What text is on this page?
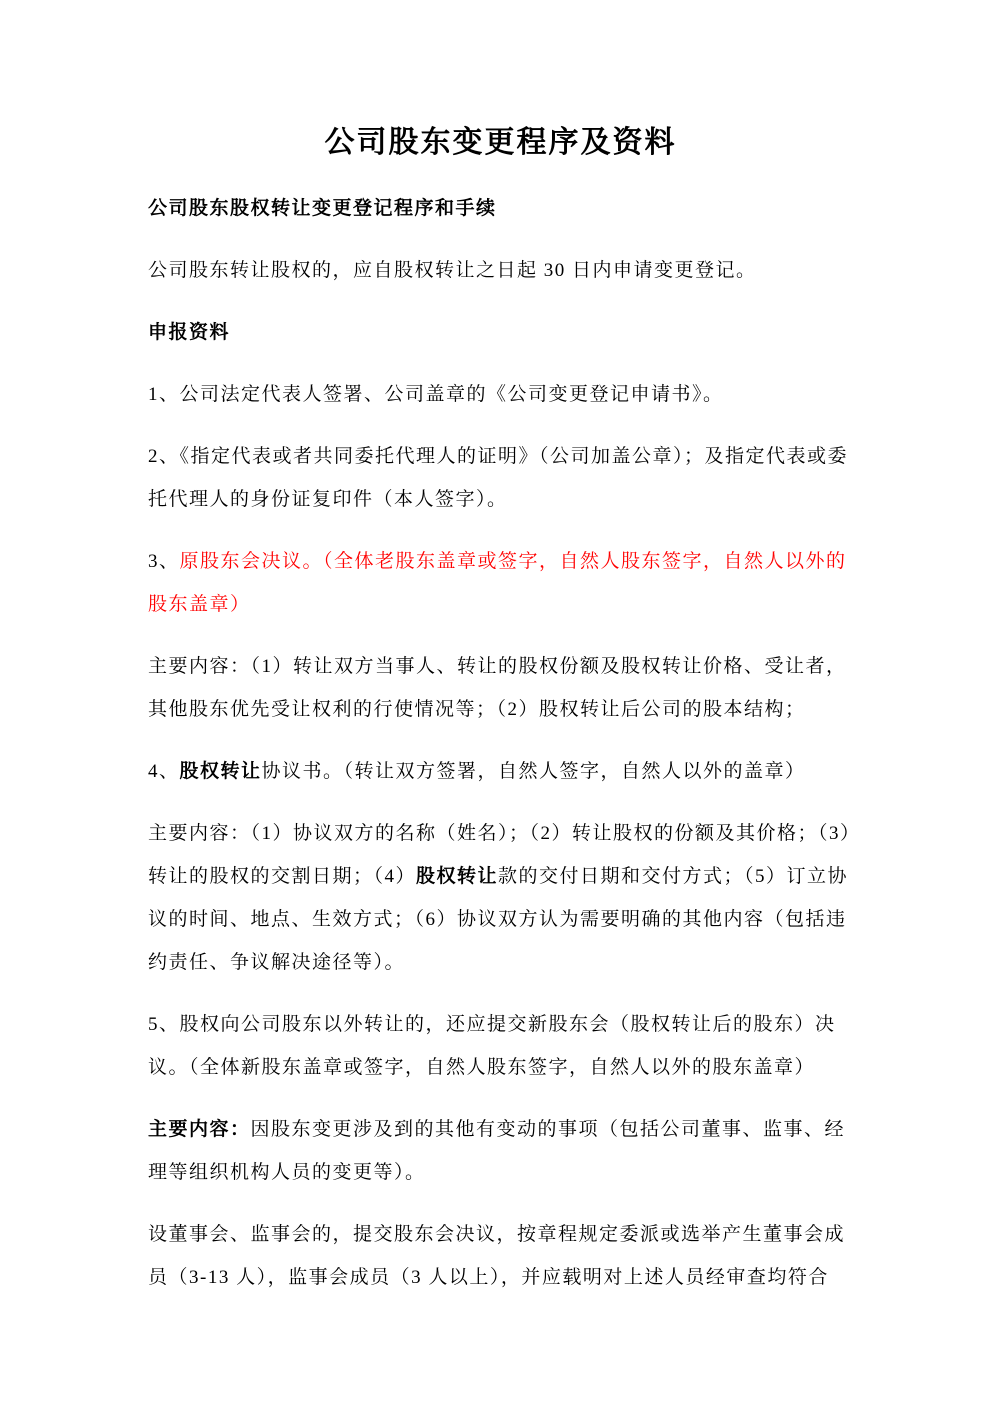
公司股东变更程序及资料

公司股东股权转让变更登记程序和手续

公司股东转让股权的，应自股权转让之日起 30 日内申请变更登记。

申报资料

1、公司法定代表人签署、公司盖章的《公司变更登记申请书》。

2、《指定代表或者共同委托代理人的证明》（公司加盖公章）；及指定代表或委托代理人的身份证复印件（本人签字）。

3、原股东会决议。（全体老股东盖章或签字，自然人股东签字，自然人以外的股东盖章）

主要内容：（1）转让双方当事人、转让的股权份额及股权转让价格、受让者，其他股东优先受让权利的行使情况等；（2）股权转让后公司的股本结构；

4、股权转让协议书。（转让双方签署，自然人签字，自然人以外的盖章）

主要内容：（1）协议双方的名称（姓名）；（2）转让股权的份额及其价格；（3）转让的股权的交割日期；（4）股权转让款的交付日期和交付方式；（5）订立协议的时间、地点、生效方式；（6）协议双方认为需要明确的其他内容（包括违约责任、争议解决途径等）。

5、股权向公司股东以外转让的，还应提交新股东会（股权转让后的股东）决议。（全体新股东盖章或签字，自然人股东签字，自然人以外的股东盖章）

主要内容：因股东变更涉及到的其他有变动的事项（包括公司董事、监事、经理等组织机构人员的变更等）。

设董事会、监事会的，提交股东会决议，按章程规定委派或选举产生董事会成员（3-13 人），监事会成员（3 人以上），并应载明对上述人员经审查均符合
